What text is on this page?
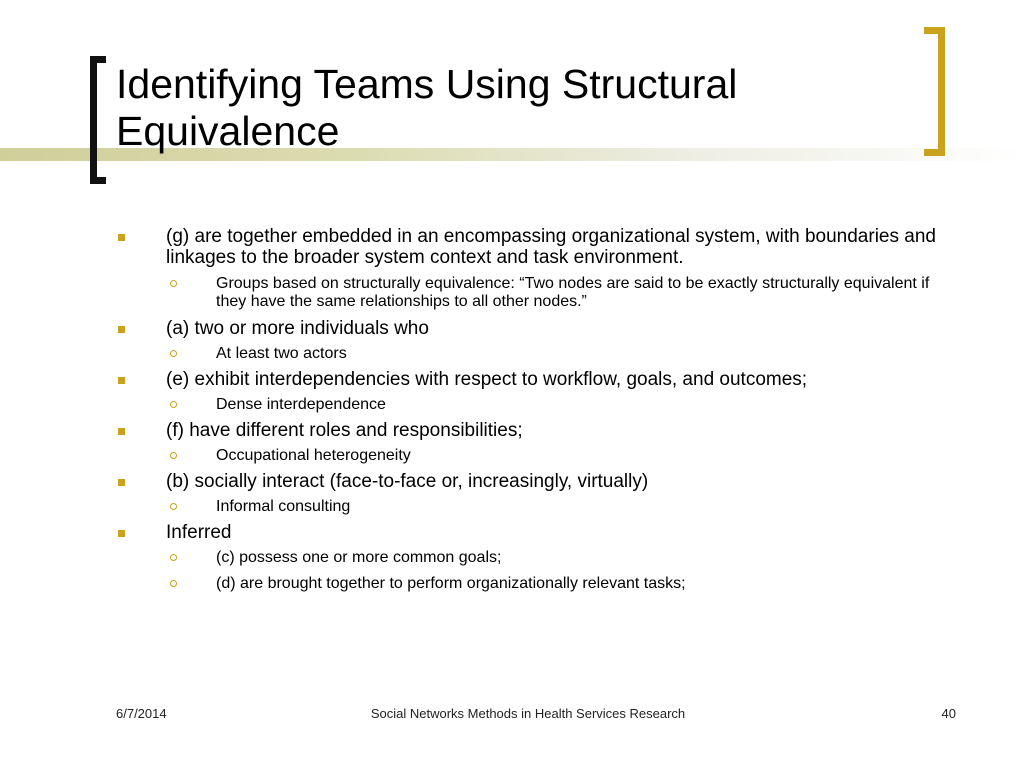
Identifying Teams Using Structural Equivalence
(g) are together embedded in an encompassing organizational system, with boundaries and linkages to the broader system context and task environment.
Groups based on structurally equivalence: “Two nodes are said to be exactly structurally equivalent if they have the same relationships to all other nodes.”
(a) two or more individuals who
At least two actors
(e) exhibit interdependencies with respect to workflow, goals, and outcomes;
Dense interdependence
(f) have different roles and responsibilities;
Occupational heterogeneity
(b) socially interact (face-to-face or, increasingly, virtually)
Informal consulting
Inferred
(c) possess one or more common goals;
(d) are brought together to perform organizationally relevant tasks;
6/7/2014	Social Networks Methods in Health Services Research	40
